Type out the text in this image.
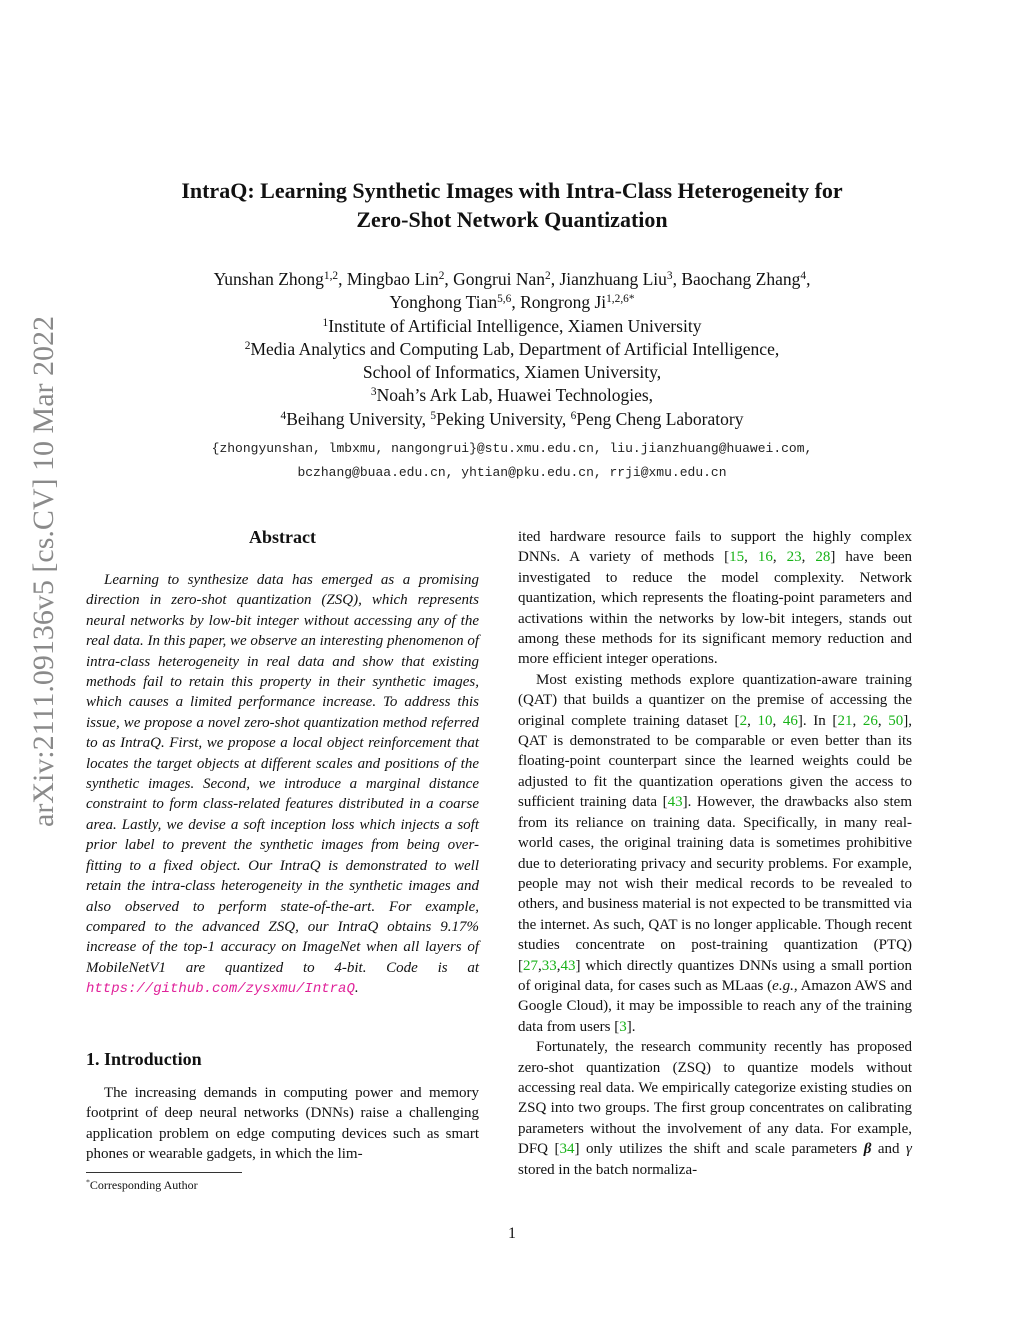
arXiv:2111.09136v5 [cs.CV] 10 Mar 2022
IntraQ: Learning Synthetic Images with Intra-Class Heterogeneity for
Zero-Shot Network Quantization
Yunshan Zhong$^{1,2}$, Mingbao Lin$^2$, Gongrui Nan$^2$, Jianzhuang Liu$^3$, Baochang Zhang$^4$,
Yonghong Tian$^{5,6}$, Rongrong $Ji^{1,2,6*}$
$^1$Institute of Artificial Intelligence, Xiamen University
$^2$Media Analytics and Computing Lab, Department of Artificial Intelligence,
School of Informatics, Xiamen University,
$^3$Noah’s Ark Lab, Huawei Technologies,
$^4$Beihang University, $^5$Peking University, $^6$Peng Cheng Laboratory
{zhongyunshan, lmbxmu, nangongrui}@stu.xmu.edu.cn, liu.jianzhuang@huawei.com,
bczhang@buaa.edu.cn, yhtian@pku.edu.cn, rrji@xmu.edu.cn
Abstract

Learning to synthesize data has emerged as a promising direction in zero-shot quantization (ZSQ), which represents neural networks by low-bit integer without accessing any of the real data. In this paper, we observe an interesting phenomenon of intra-class heterogeneity in real data and show that existing methods fail to retain this property in their synthetic images, which causes a limited performance increase. To address this issue, we propose a novel zero-shot quantization method referred to as IntraQ. First, we propose a local object reinforcement that locates the target objects at different scales and positions of the synthetic images. Second, we introduce a marginal distance constraint to form class-related features distributed in a coarse area. Lastly, we devise a soft inception loss which injects a soft prior label to prevent the synthetic images from being over-fitting to a fixed object. Our IntraQ is demonstrated to well retain the intra-class heterogeneity in the synthetic images and also observed to perform state-of-the-art. For example, compared to the advanced ZSQ, our IntraQ obtains 9.17% increase of the top-1 accuracy on ImageNet when all layers of MobileNetV1 are quantized to 4-bit. Code is at https://github.com/zysxmu/IntraQ.

1. Introduction

The increasing demands in computing power and memory footprint of deep neural networks (DNNs) raise a challenging application problem on edge computing devices such as smart phones or wearable gadgets, in which the lim-

*Corresponding Author

ited hardware resource fails to support the highly complex DNNs. A variety of methods [15, 16, 23, 28] have been investigated to reduce the model complexity. Network quantization, which represents the floating-point parameters and activations within the networks by low-bit integers, stands out among these methods for its significant memory reduction and more efficient integer operations.

Most existing methods explore quantization-aware training (QAT) that builds a quantizer on the premise of accessing the original complete training dataset [2, 10, 46]. In [21, 26, 50], QAT is demonstrated to be comparable or even better than its floating-point counterpart since the learned weights could be adjusted to fit the quantization operations given the access to sufficient training data [43]. However, the drawbacks also stem from its reliance on training data. Specifically, in many real-world cases, the original training data is sometimes prohibitive due to deteriorating privacy and security problems. For example, people may not wish their medical records to be revealed to others, and business material is not expected to be transmitted via the internet. As such, QAT is no longer applicable. Though recent studies concentrate on post-training quantization (PTQ) [27,33,43] which directly quantizes DNNs using a small portion of original data, for cases such as MLaas (e.g., Amazon AWS and Google Cloud), it may be impossible to reach any of the training data from users [3].

Fortunately, the research community recently has proposed zero-shot quantization (ZSQ) to quantize models without accessing real data. We empirically categorize existing studies on ZSQ into two groups. The first group concentrates on calibrating parameters without the involvement of any data. For example, DFQ [34] only utilizes the shift and scale parameters β and γ stored in the batch normaliza-

1
